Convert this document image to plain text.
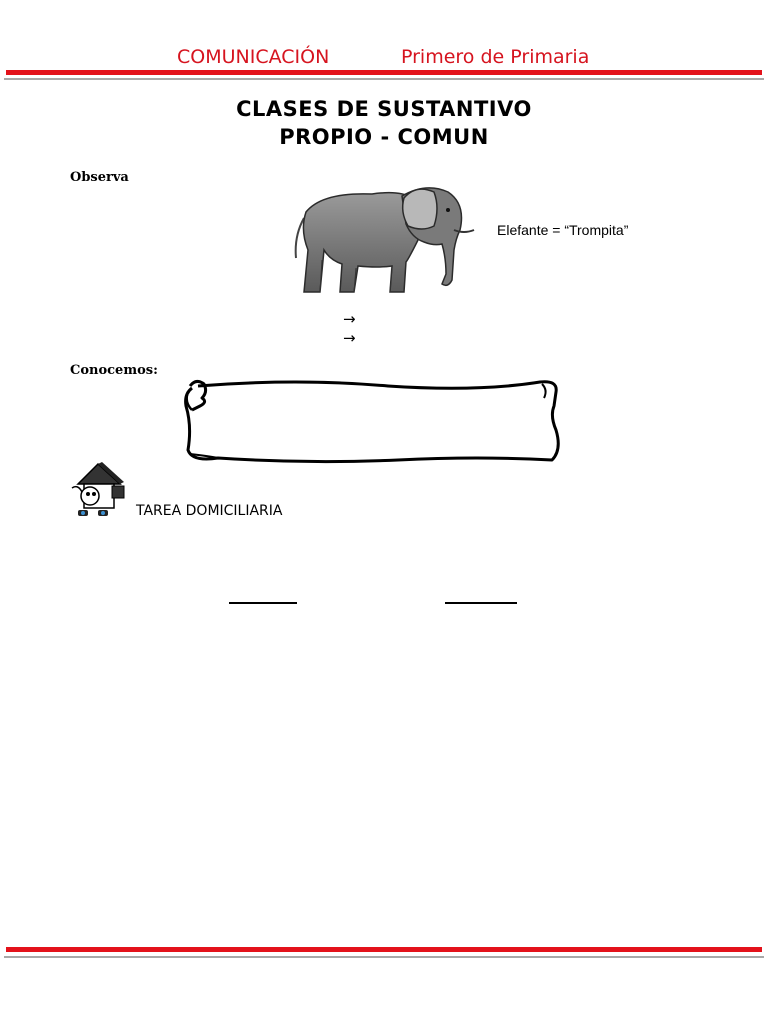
COMUNICACIÓN	Primero de Primaria
CLASES DE SUSTANTIVO
PROPIO - COMUN
Observa
Elefante = “Trompita”
→
→
Conocemos:
TAREA DOMICILIARIA
